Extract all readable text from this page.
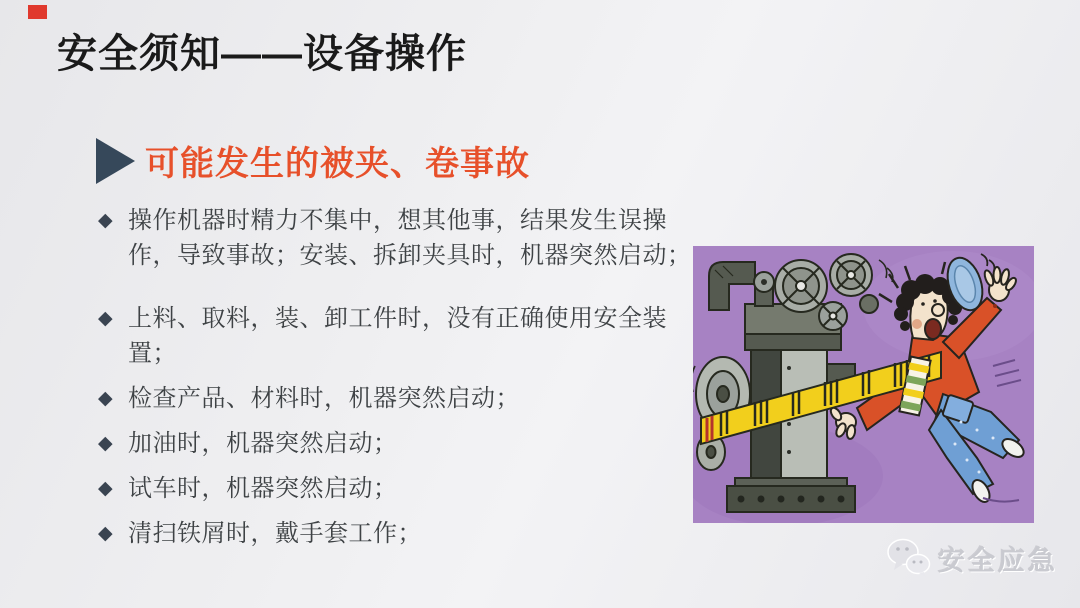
安全须知——设备操作
可能发生的被夹、卷事故
◆ 操作机器时精力不集中，想其他事，结果发生误操作，导致事故；安装、拆卸夹具时，机器突然启动；
◆ 上料、取料，装、卸工件时，没有正确使用安全装置；
◆ 检查产品、材料时，机器突然启动；
◆ 加油时，机器突然启动；
◆ 试车时，机器突然启动；
◆ 清扫铁屑时，戴手套工作；
安全应急
